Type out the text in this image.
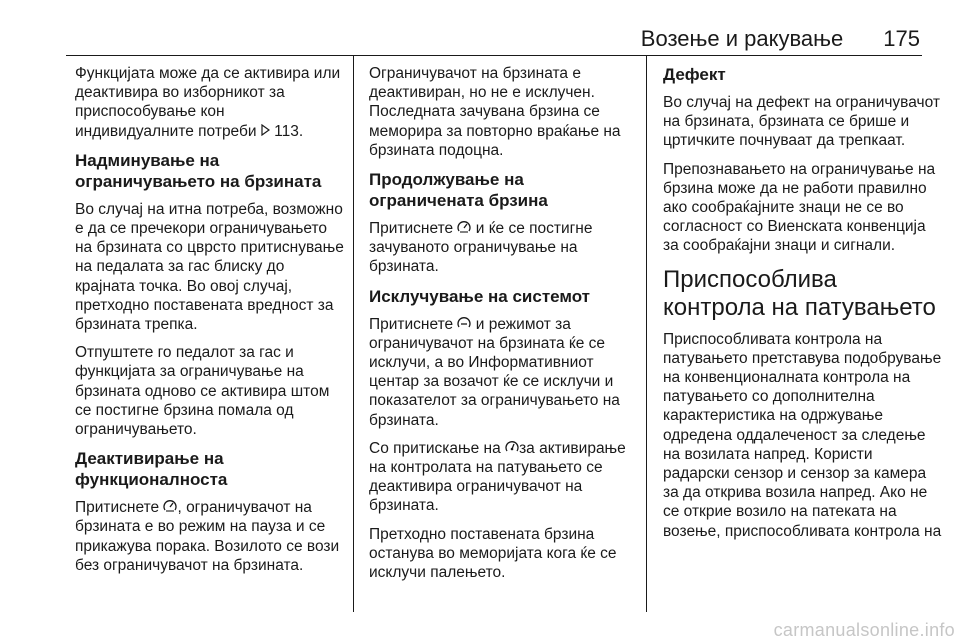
Возење и ракување 175

Функцијата може да се активира или деактивира во изборникот за приспособување кон индивидуалните потреби 113.

Надминување на ограничувањето на брзината

Во случај на итна потреба, возможно е да се пречекори ограничувањето на брзината со цврсто притиснување на педалата за гас блиску до крајната точка. Во овој случај, претходно поставената вредност за брзината трепка.

Отпуштете го педалот за гас и функцијата за ограничување на брзината одново се активира штом се постигне брзина помала од ограничувањето.

Деактивирање на функционалноста

Притиснете , ограничувачот на брзината е во режим на пауза и се прикажува порака. Возилото се вози без ограничувачот на брзината.

Ограничувачот на брзината е деактивиран, но не е исклучен. Последната зачувана брзина се меморира за повторно враќање на брзината подоцна.

Продолжување на ограничената брзина

Притиснете и ќе се постигне зачуваното ограничување на брзината.

Исклучување на системот

Притиснете и режимот за ограничувачот на брзината ќе се исклучи, а во Информативниот центар за возачот ќе се исклучи и показателот за ограничувањето на брзината.

Со притискање на за активирање на контролата на патувањето се деактивира ограничувачот на брзината.

Претходно поставената брзина останува во меморијата кога ќе се исклучи палењето.

Дефект

Во случај на дефект на ограничувачот на брзината, брзината се брише и цртичките почнуваат да трепкаат.

Препознавањето на ограничување на брзина може да не работи правилно ако сообраќајните знаци не се во согласност со Виенската конвенција за сообраќајни знаци и сигнали.

Приспособлива контрола на патувањето

Приспособливата контрола на патувањето претставува подобрување на конвенционалната контрола на патувањето со дополнителна карактеристика на одржување одредена оддалеченост за следење на возилата напред. Користи радарски сензор и сензор за камера за да открива возила напред. Ако не се открие возило на патеката на возење, приспособливата контрола на

carmanualsonline.info
